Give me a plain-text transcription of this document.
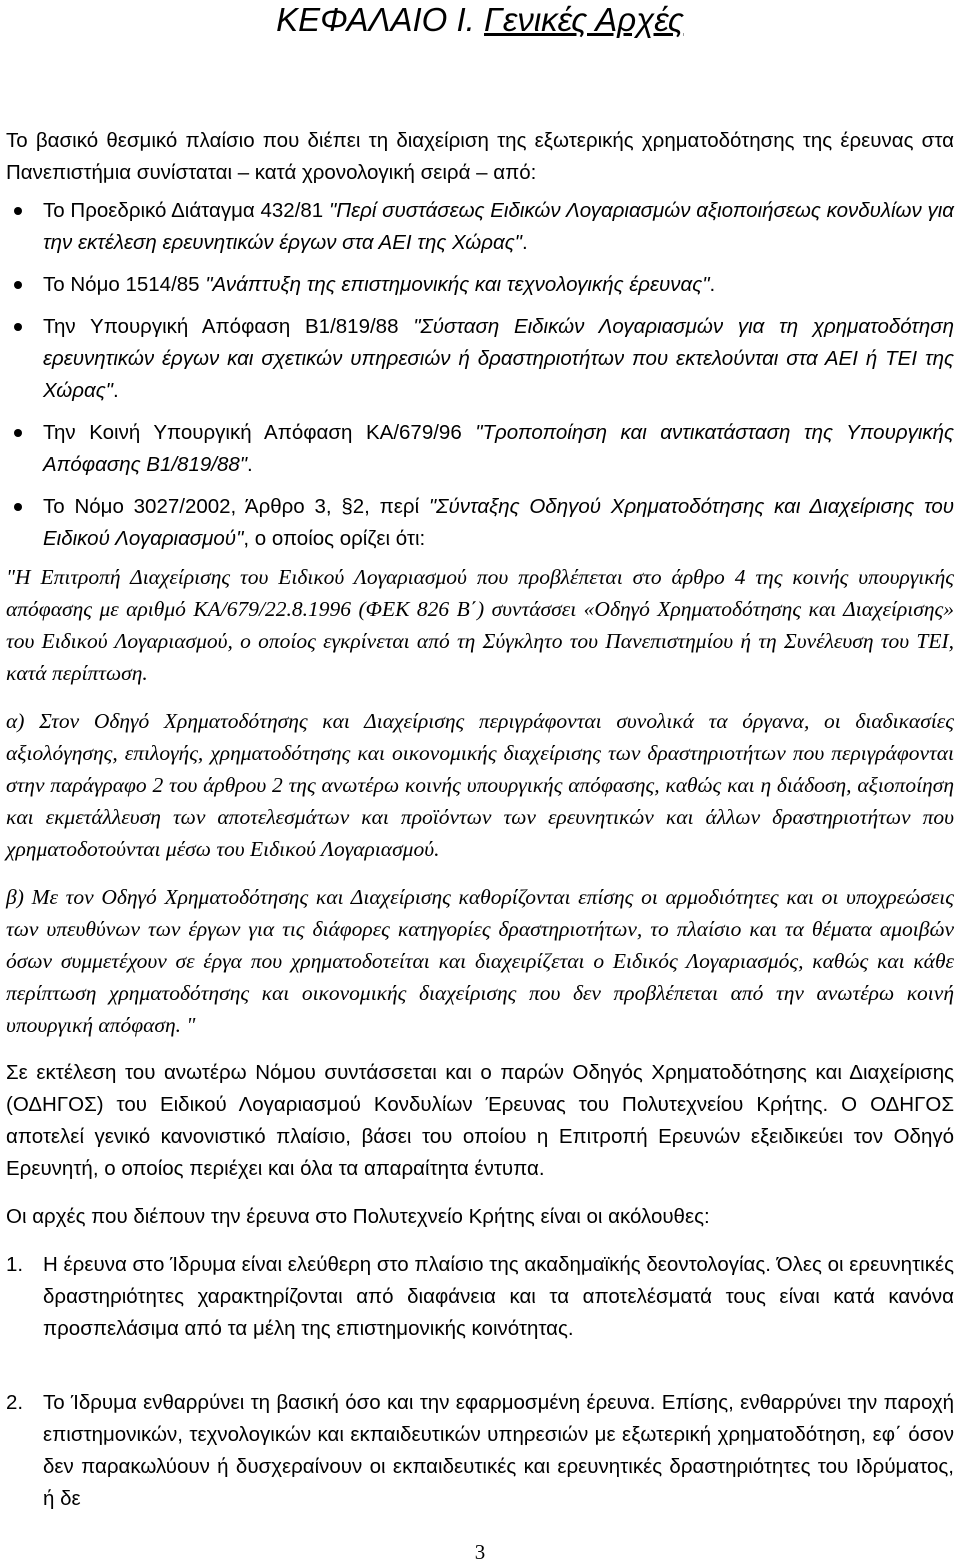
ΚΕΦΑΛΑΙΟ Ι. Γενικές Αρχές

Το βασικό θεσμικό πλαίσιο που διέπει τη διαχείριση της εξωτερικής χρηματοδότησης της έρευνας στα Πανεπιστήμια συνίσταται – κατά χρονολογική σειρά – από:

Το Προεδρικό Διάταγμα 432/81 "Περί συστάσεως Ειδικών Λογαριασμών αξιοποιήσεως κονδυλίων για την εκτέλεση ερευνητικών έργων στα ΑΕΙ της Χώρας".
Το Νόμο 1514/85 "Ανάπτυξη της επιστημονικής και τεχνολογικής έρευνας".
Την Υπουργική Απόφαση Β1/819/88 "Σύσταση Ειδικών Λογαριασμών για τη χρηματοδότηση ερευνητικών έργων και σχετικών υπηρεσιών ή δραστηριοτήτων που εκτελούνται στα ΑΕΙ ή ΤΕΙ της Χώρας".
Την Κοινή Υπουργική Απόφαση ΚΑ/679/96 "Τροποποίηση και αντικατάσταση της Υπουργικής Απόφασης Β1/819/88".
Το Νόμο 3027/2002, Άρθρο 3, §2, περί "Σύνταξης Οδηγού Χρηματοδότησης και Διαχείρισης του Ειδικού Λογαριασμού", ο οποίος ορίζει ότι:

"Η Επιτροπή Διαχείρισης του Ειδικού Λογαριασμού που προβλέπεται στο άρθρο 4 της κοινής υπουργικής απόφασης με αριθμό ΚΑ/679/22.8.1996 (ΦΕΚ 826 Β΄) συντάσσει «Οδηγό Χρηματοδότησης και Διαχείρισης» του Ειδικού Λογαριασμού, ο οποίος εγκρίνεται από τη Σύγκλητο του Πανεπιστημίου ή τη Συνέλευση του ΤΕΙ, κατά περίπτωση.

α) Στον Οδηγό Χρηματοδότησης και Διαχείρισης περιγράφονται συνολικά τα όργανα, οι διαδικασίες αξιολόγησης, επιλογής, χρηματοδότησης και οικονομικής διαχείρισης των δραστηριοτήτων που περιγράφονται στην παράγραφο 2 του άρθρου 2 της ανωτέρω κοινής υπουργικής απόφασης, καθώς και η διάδοση, αξιοποίηση και εκμετάλλευση των αποτελεσμάτων και προϊόντων των ερευνητικών και άλλων δραστηριοτήτων που χρηματοδοτούνται μέσω του Ειδικού Λογαριασμού.

β) Με τον Οδηγό Χρηματοδότησης και Διαχείρισης καθορίζονται επίσης οι αρμοδιότητες και οι υποχρεώσεις των υπευθύνων των έργων για τις διάφορες κατηγορίες δραστηριοτήτων, το πλαίσιο και τα θέματα αμοιβών όσων συμμετέχουν σε έργα που χρηματοδοτείται και διαχειρίζεται ο Ειδικός Λογαριασμός, καθώς και κάθε περίπτωση χρηματοδότησης και οικονομικής διαχείρισης που δεν προβλέπεται από την ανωτέρω κοινή υπουργική απόφαση. "

Σε εκτέλεση του ανωτέρω Νόμου συντάσσεται και ο παρών Οδηγός Χρηματοδότησης και Διαχείρισης (ΟΔΗΓΟΣ) του Ειδικού Λογαριασμού Κονδυλίων Έρευνας του Πολυτεχνείου Κρήτης. Ο ΟΔΗΓΟΣ αποτελεί γενικό κανονιστικό πλαίσιο, βάσει του οποίου η Επιτροπή Ερευνών εξειδικεύει τον Οδηγό Ερευνητή, ο οποίος περιέχει και όλα τα απαραίτητα έντυπα.

Οι αρχές που διέπουν την έρευνα στο Πολυτεχνείο Κρήτης είναι οι ακόλουθες:

1. Η έρευνα στο Ίδρυμα είναι ελεύθερη στο πλαίσιο της ακαδημαϊκής δεοντολογίας. Όλες οι ερευνητικές δραστηριότητες χαρακτηρίζονται από διαφάνεια και τα αποτελέσματά τους είναι κατά κανόνα προσπελάσιμα από τα μέλη της επιστημονικής κοινότητας.
2. Το Ίδρυμα ενθαρρύνει τη βασική όσο και την εφαρμοσμένη έρευνα. Επίσης, ενθαρρύνει την παροχή επιστημονικών, τεχνολογικών και εκπαιδευτικών υπηρεσιών με εξωτερική χρηματοδότηση, εφ΄ όσον δεν παρακωλύουν ή δυσχεραίνουν οι εκπαιδευτικές και ερευνητικές δραστηριότητες του Ιδρύματος, ή δε
3
